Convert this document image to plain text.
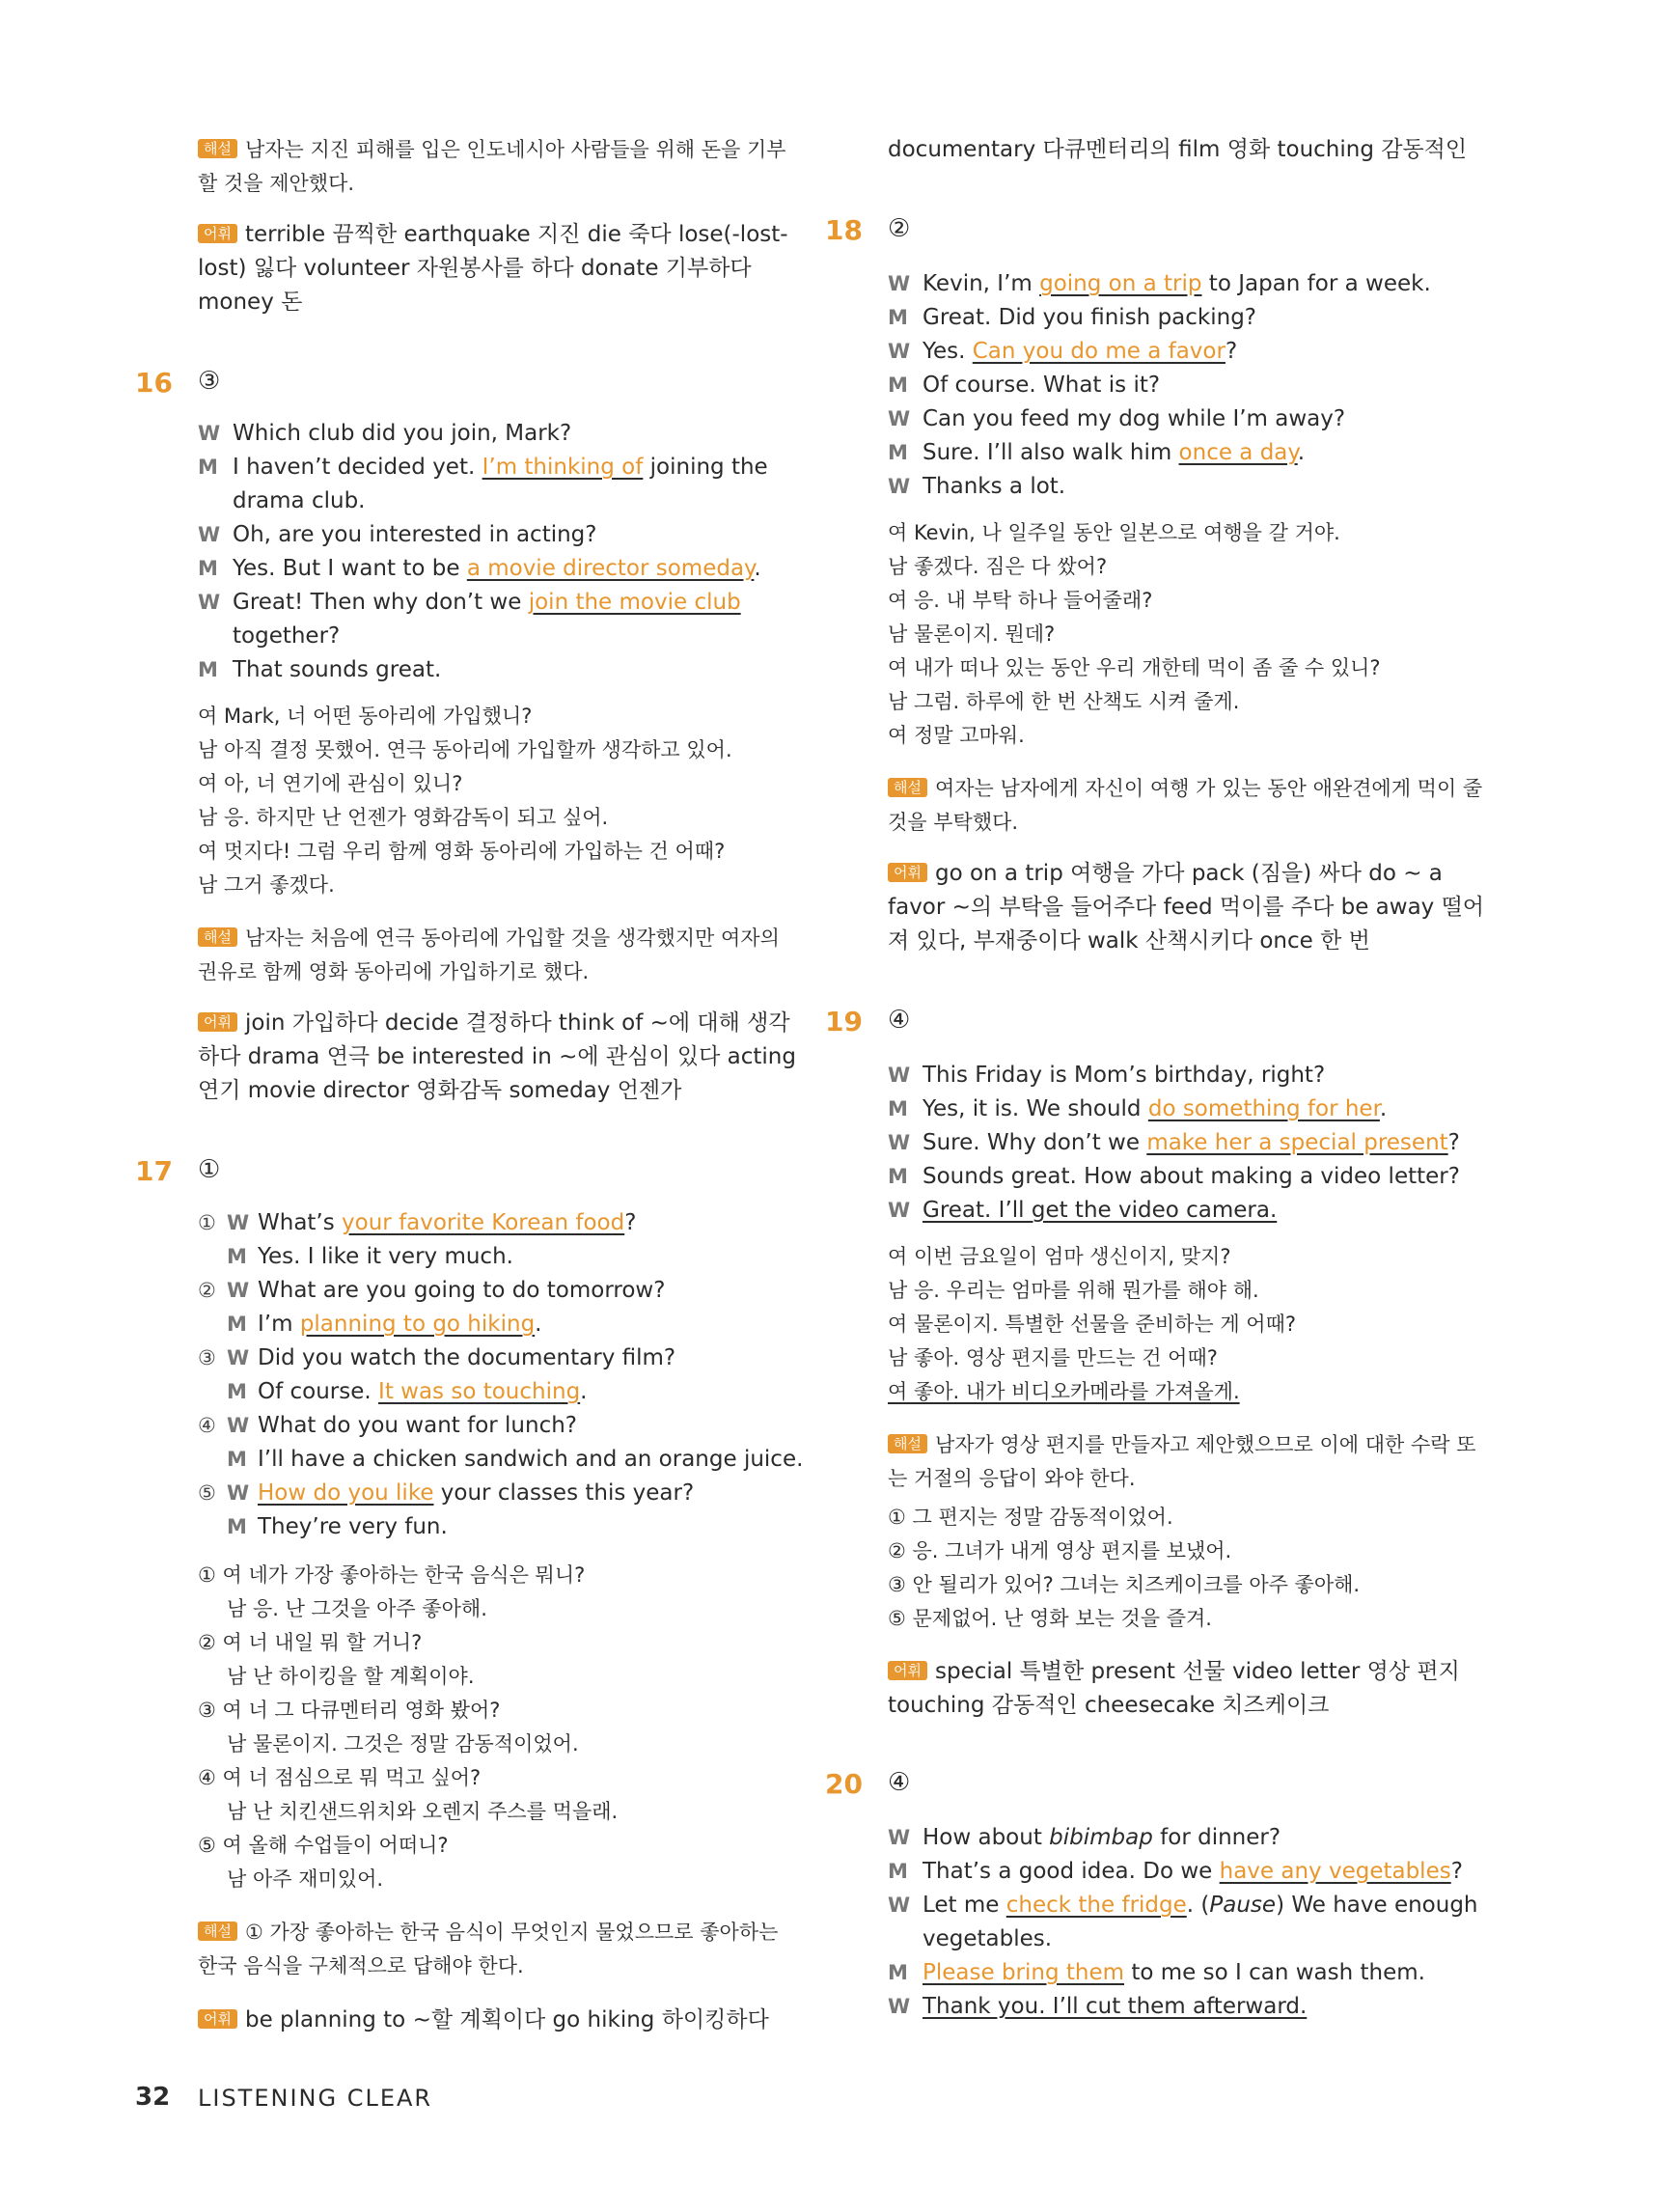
해설 남자는 지진 피해를 입은 인도네시아 사람들을 위해 돈을 기부할 것을 제안했다.
어휘 terrible 끔찍한 earthquake 지진 die 죽다 lose(-lost-lost) 잃다 volunteer 자원봉사를 하다 donate 기부하다 money 돈
16 ③
W Which club did you join, Mark?
M I haven’t decided yet. I’m thinking of joining the
drama club.
W Oh, are you interested in acting?
M Yes. But I want to be a movie director someday.
W Great! Then why don’t we join the movie club
together?
M That sounds great.
여 Mark, 너 어떤 동아리에 가입했니?
남 아직 결정 못했어. 연극 동아리에 가입할까 생각하고 있어.
여 아, 너 연기에 관심이 있니?
남 응. 하지만 난 언젠가 영화감독이 되고 싶어.
여 멋지다! 그럼 우리 함께 영화 동아리에 가입하는 건 어때?
남 그거 좋겠다.
해설 남자는 처음에 연극 동아리에 가입할 것을 생각했지만 여자의 권유로 함께 영화 동아리에 가입하기로 했다.
어휘 join 가입하다 decide 결정하다 think of ~에 대해 생각하다 drama 연극 be interested in ~에 관심이 있다 acting 연기 movie director 영화감독 someday 언젠가
17 ①
① W What’s your favorite Korean food?
M Yes. I like it very much.
② W What are you going to do tomorrow?
M I’m planning to go hiking.
③ W Did you watch the documentary film?
M Of course. It was so touching.
④ W What do you want for lunch?
M I’ll have a chicken sandwich and an orange juice.
⑤ W How do you like your classes this year?
M They’re very fun.
① 여 네가 가장 좋아하는 한국 음식은 뭐니?
남 응. 난 그것을 아주 좋아해.
② 여 너 내일 뭐 할 거니?
남 난 하이킹을 할 계획이야.
③ 여 너 그 다큐멘터리 영화 봤어?
남 물론이지. 그것은 정말 감동적이었어.
④ 여 너 점심으로 뭐 먹고 싶어?
남 난 치킨샌드위치와 오렌지 주스를 먹을래.
⑤ 여 올해 수업들이 어떠니?
남 아주 재미있어.
해설 ① 가장 좋아하는 한국 음식이 무엇인지 물었으므로 좋아하는 한국 음식을 구체적으로 답해야 한다.
어휘 be planning to ~할 계획이다 go hiking 하이킹하다
documentary 다큐멘터리의 film 영화 touching 감동적인
18 ②
W Kevin, I’m going on a trip to Japan for a week.
M Great. Did you finish packing?
W Yes. Can you do me a favor?
M Of course. What is it?
W Can you feed my dog while I’m away?
M Sure. I’ll also walk him once a day.
W Thanks a lot.
여 Kevin, 나 일주일 동안 일본으로 여행을 갈 거야.
남 좋겠다. 짐은 다 쌌어?
여 응. 내 부탁 하나 들어줄래?
남 물론이지. 뭔데?
여 내가 떠나 있는 동안 우리 개한테 먹이 좀 줄 수 있니?
남 그럼. 하루에 한 번 산책도 시켜 줄게.
여 정말 고마워.
해설 여자는 남자에게 자신이 여행 가 있는 동안 애완견에게 먹이 줄 것을 부탁했다.
어휘 go on a trip 여행을 가다 pack (짐을) 싸다 do ~ a favor ~의 부탁을 들어주다 feed 먹이를 주다 be away 떨어져 있다, 부재중이다 walk 산책시키다 once 한 번
19 ④
W This Friday is Mom’s birthday, right?
M Yes, it is. We should do something for her.
W Sure. Why don’t we make her a special present?
M Sounds great. How about making a video letter?
W Great. I’ll get the video camera.
여 이번 금요일이 엄마 생신이지, 맞지?
남 응. 우리는 엄마를 위해 뭔가를 해야 해.
여 물론이지. 특별한 선물을 준비하는 게 어때?
남 좋아. 영상 편지를 만드는 건 어때?
여 좋아. 내가 비디오카메라를 가져올게.
해설 남자가 영상 편지를 만들자고 제안했으므로 이에 대한 수락 또는 거절의 응답이 와야 한다.
① 그 편지는 정말 감동적이었어.
② 응. 그녀가 내게 영상 편지를 보냈어.
③ 안 될리가 있어? 그녀는 치즈케이크를 아주 좋아해.
⑤ 문제없어. 난 영화 보는 것을 즐겨.
어휘 special 특별한 present 선물 video letter 영상 편지 touching 감동적인 cheesecake 치즈케이크
20 ④
W How about bibimbap for dinner?
M That’s a good idea. Do we have any vegetables?
W Let me check the fridge. (Pause) We have enough
vegetables.
M Please bring them to me so I can wash them.
W Thank you. I’ll cut them afterward.
32 LISTENING CLEAR
